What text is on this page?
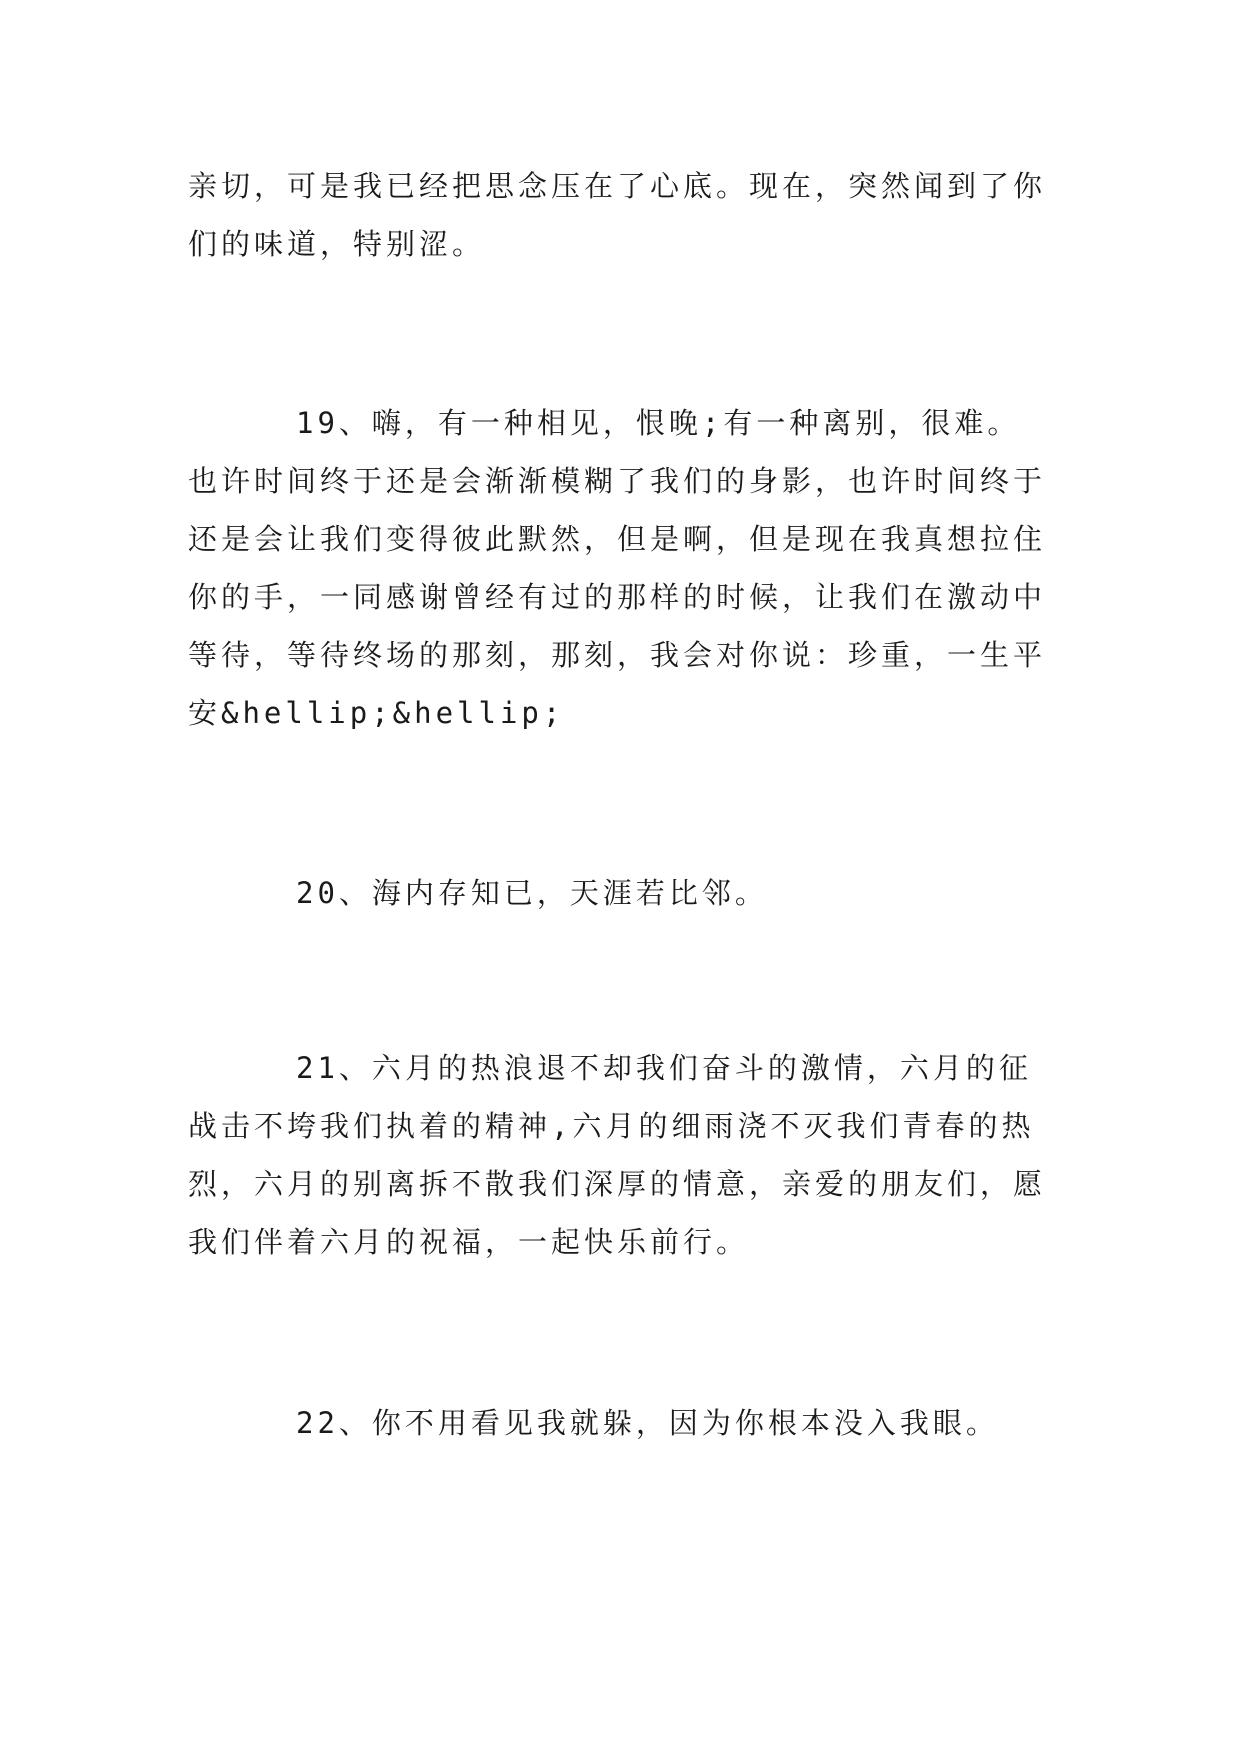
亲切，可是我已经把思念压在了心底。现在，突然闻到了你们的味道，特别涩。

19、嗨，有一种相见，恨晚;有一种离别，很难。也许时间终于还是会渐渐模糊了我们的身影，也许时间终于还是会让我们变得彼此默然，但是啊，但是现在我真想拉住你的手，一同感谢曾经有过的那样的时候，让我们在激动中等待，等待终场的那刻，那刻，我会对你说：珍重，一生平安&hellip;&hellip;

20、海内存知已，天涯若比邻。

21、六月的热浪退不却我们奋斗的激情，六月的征战击不垮我们执着的精神,六月的细雨浇不灭我们青春的热烈，六月的别离拆不散我们深厚的情意，亲爱的朋友们，愿我们伴着六月的祝福，一起快乐前行。

22、你不用看见我就躲，因为你根本没入我眼。
